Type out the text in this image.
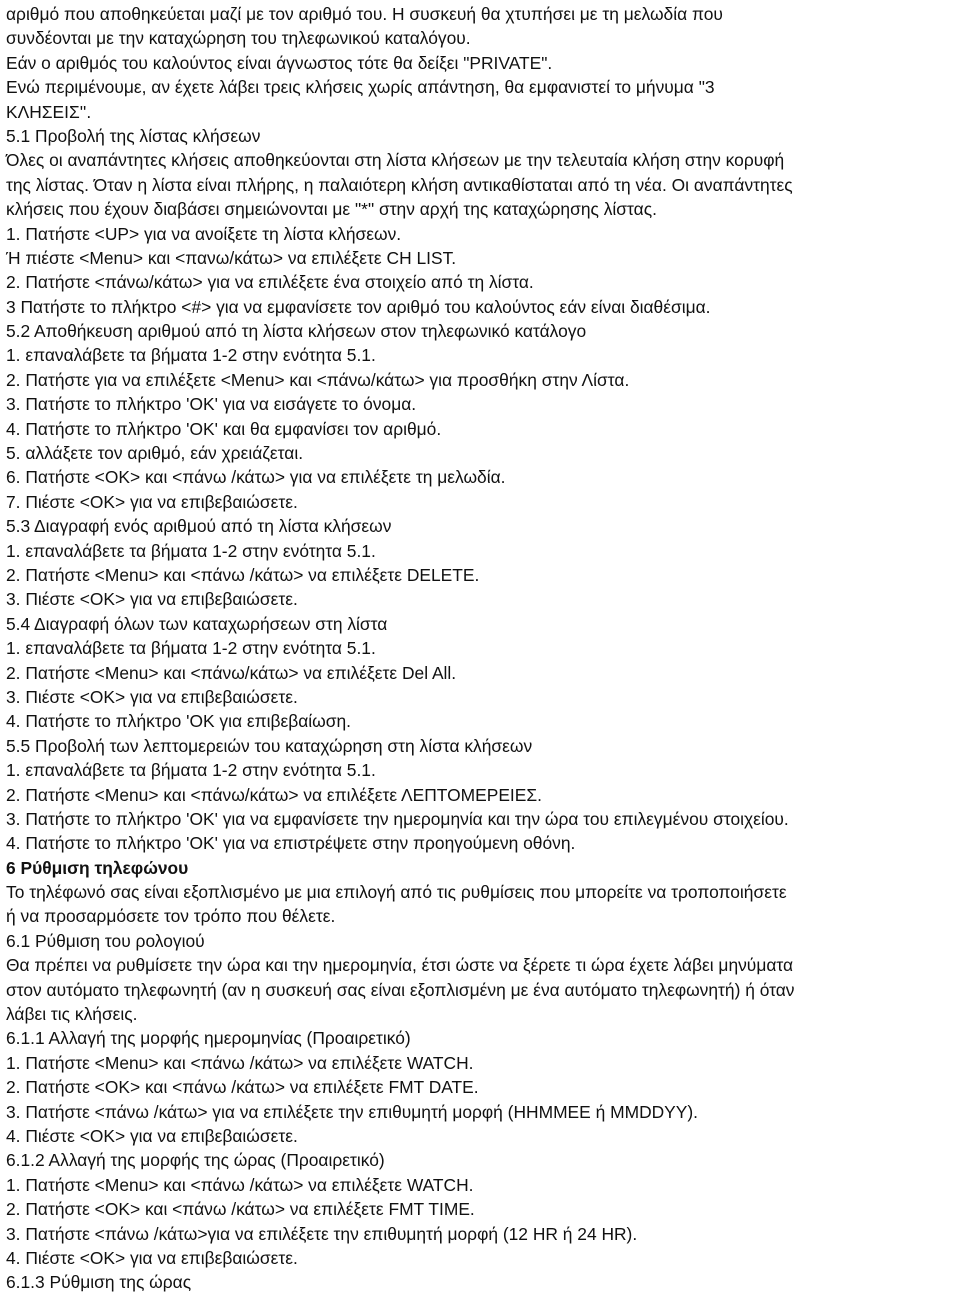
αριθμό που αποθηκεύεται μαζί με τον αριθμό του. Η συσκευή θα χτυπήσει με τη μελωδία που
συνδέονται με την καταχώρηση του τηλεφωνικού καταλόγου.
Εάν ο αριθμός του καλούντος είναι άγνωστος τότε θα δείξει "PRIVATE".
Ενώ περιμένουμε, αν έχετε λάβει τρεις κλήσεις χωρίς απάντηση, θα εμφανιστεί το μήνυμα "3
ΚΛΗΣΕΙΣ''.
5.1 Προβολή της λίστας κλήσεων
Όλες οι αναπάντητες κλήσεις αποθηκεύονται στη λίστα κλήσεων με την τελευταία κλήση στην κορυφή
της λίστας. Όταν η λίστα είναι πλήρης, η παλαιότερη κλήση αντικαθίσταται από τη νέα. Οι αναπάντητες
κλήσεις που έχουν διαβάσει σημειώνονται με "*" στην αρχή της καταχώρησης λίστας.
1. Πατήστε <UP> για να ανοίξετε τη λίστα κλήσεων.
Ή πιέστε <Menu> και <πανω/κάτω> να επιλέξετε CH LIST.
2. Πατήστε <πάνω/κάτω> για να επιλέξετε ένα στοιχείο από τη λίστα.
3 Πατήστε το πλήκτρο <#> για να εμφανίσετε τον αριθμό του καλούντος εάν είναι διαθέσιμα.
5.2 Αποθήκευση αριθμού από τη λίστα κλήσεων στον τηλεφωνικό κατάλογο
1. επαναλάβετε τα βήματα 1-2 στην ενότητα 5.1.
2. Πατήστε για να επιλέξετε <Menu> και <πάνω/κάτω> για προσθήκη στην Λίστα.
3. Πατήστε το πλήκτρο 'OK' για να εισάγετε το όνομα.
4. Πατήστε το πλήκτρο 'OK' και θα εμφανίσει τον αριθμό.
5. αλλάξετε τον αριθμό, εάν χρειάζεται.
6. Πατήστε <OK> και <πάνω /κάτω> για να επιλέξετε τη μελωδία.
7. Πιέστε <OK> για να επιβεβαιώσετε.
5.3 Διαγραφή ενός αριθμού από τη λίστα κλήσεων
1. επαναλάβετε τα βήματα 1-2 στην ενότητα 5.1.
2. Πατήστε <Menu> και <πάνω /κάτω> να επιλέξετε DELETE.
3. Πιέστε <OK> για να επιβεβαιώσετε.
5.4 Διαγραφή όλων των καταχωρήσεων στη λίστα
1. επαναλάβετε τα βήματα 1-2 στην ενότητα 5.1.
2. Πατήστε <Menu> και <πάνω/κάτω> να επιλέξετε Del All.
3. Πιέστε <OK> για να επιβεβαιώσετε.
4. Πατήστε το πλήκτρο 'OK για επιβεβαίωση.
5.5 Προβολή των λεπτομερειών του καταχώρηση στη λίστα κλήσεων
1. επαναλάβετε τα βήματα 1-2 στην ενότητα 5.1.
2. Πατήστε <Menu> και <πάνω/κάτω> να επιλέξετε ΛΕΠΤΟΜΕΡΕΙΕΣ.
3. Πατήστε το πλήκτρο 'OK' για να εμφανίσετε την ημερομηνία και την ώρα του επιλεγμένου στοιχείου.
4. Πατήστε το πλήκτρο 'OK' για να επιστρέψετε στην προηγούμενη οθόνη.
6 Ρύθμιση τηλεφώνου
Το τηλέφωνό σας είναι εξοπλισμένο με μια επιλογή από τις ρυθμίσεις που μπορείτε να τροποποιήσετε
ή να προσαρμόσετε τον τρόπο που θέλετε.
6.1 Ρύθμιση του ρολογιού
Θα πρέπει να ρυθμίσετε την ώρα και την ημερομηνία, έτσι ώστε να ξέρετε τι ώρα έχετε λάβει μηνύματα
στον αυτόματο τηλεφωνητή (αν η συσκευή σας είναι εξοπλισμένη με ένα αυτόματο τηλεφωνητή) ή όταν
λάβει τις κλήσεις.
6.1.1 Αλλαγή της μορφής ημερομηνίας (Προαιρετικό)
1. Πατήστε <Menu> και <πάνω /κάτω> να επιλέξετε WATCH.
2. Πατήστε <OK> και <πάνω /κάτω> να επιλέξετε FMT DATE.
3. Πατήστε <πάνω /κάτω> για να επιλέξετε την επιθυμητή μορφή (HHMMEE ή MMDDYY).
4. Πιέστε <OK> για να επιβεβαιώσετε.
6.1.2 Αλλαγή της μορφής της ώρας (Προαιρετικό)
1. Πατήστε <Menu> και <πάνω /κάτω> να επιλέξετε WATCH.
2. Πατήστε <OK> και <πάνω /κάτω> να επιλέξετε FMT TIME.
3. Πατήστε <πάνω /κάτω>για να επιλέξετε την επιθυμητή μορφή (12 HR ή 24 HR).
4. Πιέστε <OK> για να επιβεβαιώσετε.
6.1.3 Ρύθμιση της ώρας
